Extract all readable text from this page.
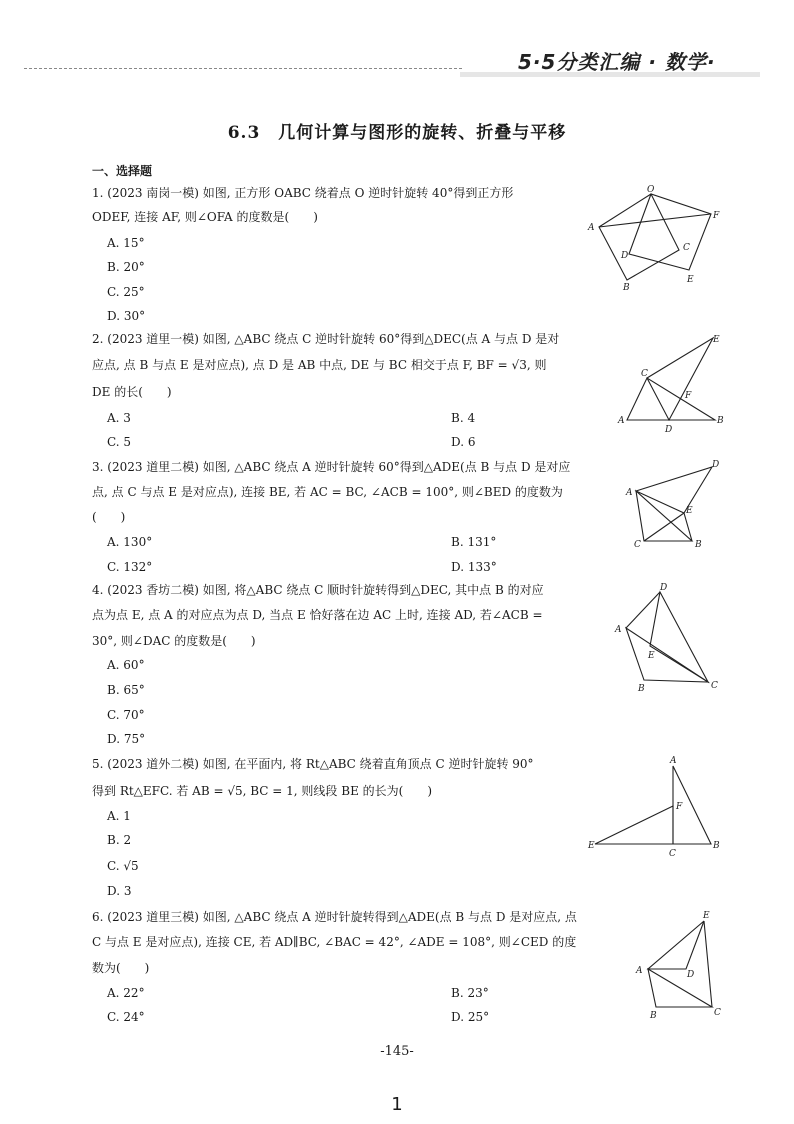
5·5分类汇编 · 数学·
6.3　几何计算与图形的旋转、折叠与平移
一、选择题
1. (2023 南岗一模) 如图, 正方形 OABC 绕着点 O 逆时针旋转 40°得到正方形
ODEF, 连接 AF, 则∠OFA 的度数是(　　)
A. 15°
B. 20°
C. 25°
D. 30°
O
A
F
D
C
B
E
2. (2023 道里一模) 如图, △ABC 绕点 C 逆时针旋转 60°得到△DEC(点 A 与点 D 是对
应点, 点 B 与点 E 是对应点), 点 D 是 AB 中点, DE 与 BC 相交于点 F, BF = √3, 则
DE 的长(　　)
A. 3	B. 4
C. 5	D. 6
E
C
F
A
D
B
3. (2023 道里二模) 如图, △ABC 绕点 A 逆时针旋转 60°得到△ADE(点 B 与点 D 是对应
点, 点 C 与点 E 是对应点), 连接 BE, 若 AC = BC, ∠ACB = 100°, 则∠BED 的度数为
(　　)
A. 130°	B. 131°
C. 132°	D. 133°
D
A
E
C	B
4. (2023 香坊二模) 如图, 将△ABC 绕点 C 顺时针旋转得到△DEC, 其中点 B 的对应
点为点 E, 点 A 的对应点为点 D, 当点 E 恰好落在边 AC 上时, 连接 AD, 若∠ACB =
30°, 则∠DAC 的度数是(　　)
A. 60°
B. 65°
C. 70°
D. 75°
D
A
E
B	C
5. (2023 道外二模) 如图, 在平面内, 将 Rt△ABC 绕着直角顶点 C 逆时针旋转 90°
得到 Rt△EFC. 若 AB = √5, BC = 1, 则线段 BE 的长为(　　)
A. 1
B. 2
C. √5
D. 3
A
F
E
C
B
6. (2023 道里三模) 如图, △ABC 绕点 A 逆时针旋转得到△ADE(点 B 与点 D 是对应点, 点
C 与点 E 是对应点), 连接 CE, 若 AD∥BC, ∠BAC = 42°, ∠ADE = 108°, 则∠CED 的度
数为(　　)
A. 22°	B. 23°
C. 24°	D. 25°
E
A	D
B	C
-145-
1
